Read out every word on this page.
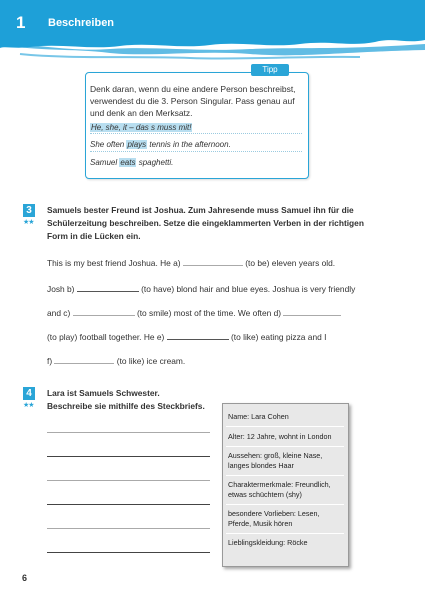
1 Beschreiben
Denk daran, wenn du eine andere Person beschreibst,
verwendest du die 3. Person Singular. Pass genau auf
und denk an den Merksatz.
He, she, it – das s muss mit!
She often plays tennis in the afternoon.
Samuel eats spaghetti.
Tipp
3
★★
Samuels bester Freund ist Joshua. Zum Jahresende muss Samuel ihn für die
Schülerzeitung beschreiben. Setze die eingeklammerten Verben in der richtigen
Form in die Lücken ein.
This is my best friend Joshua. He a)	(to be) eleven years old.
Josh b)	(to have) blond hair and blue eyes. Joshua is very friendly
and c)	(to smile) most of the time. We often d)
(to play) football together. He e)	(to like) eating pizza and I
f)	(to like) ice cream.
4
★★
Lara ist Samuels Schwester.
Beschreibe sie mithilfe des Steckbriefs.
Name: Lara Cohen
Alter: 12 Jahre, wohnt in London
Aussehen: groß, kleine Nase,
langes blondes Haar
Charaktermerkmale: Freundlich,
etwas schüchtern (shy)
besondere Vorlieben: Lesen,
Pferde, Musik hören
Lieblingskleidung: Röcke
6
